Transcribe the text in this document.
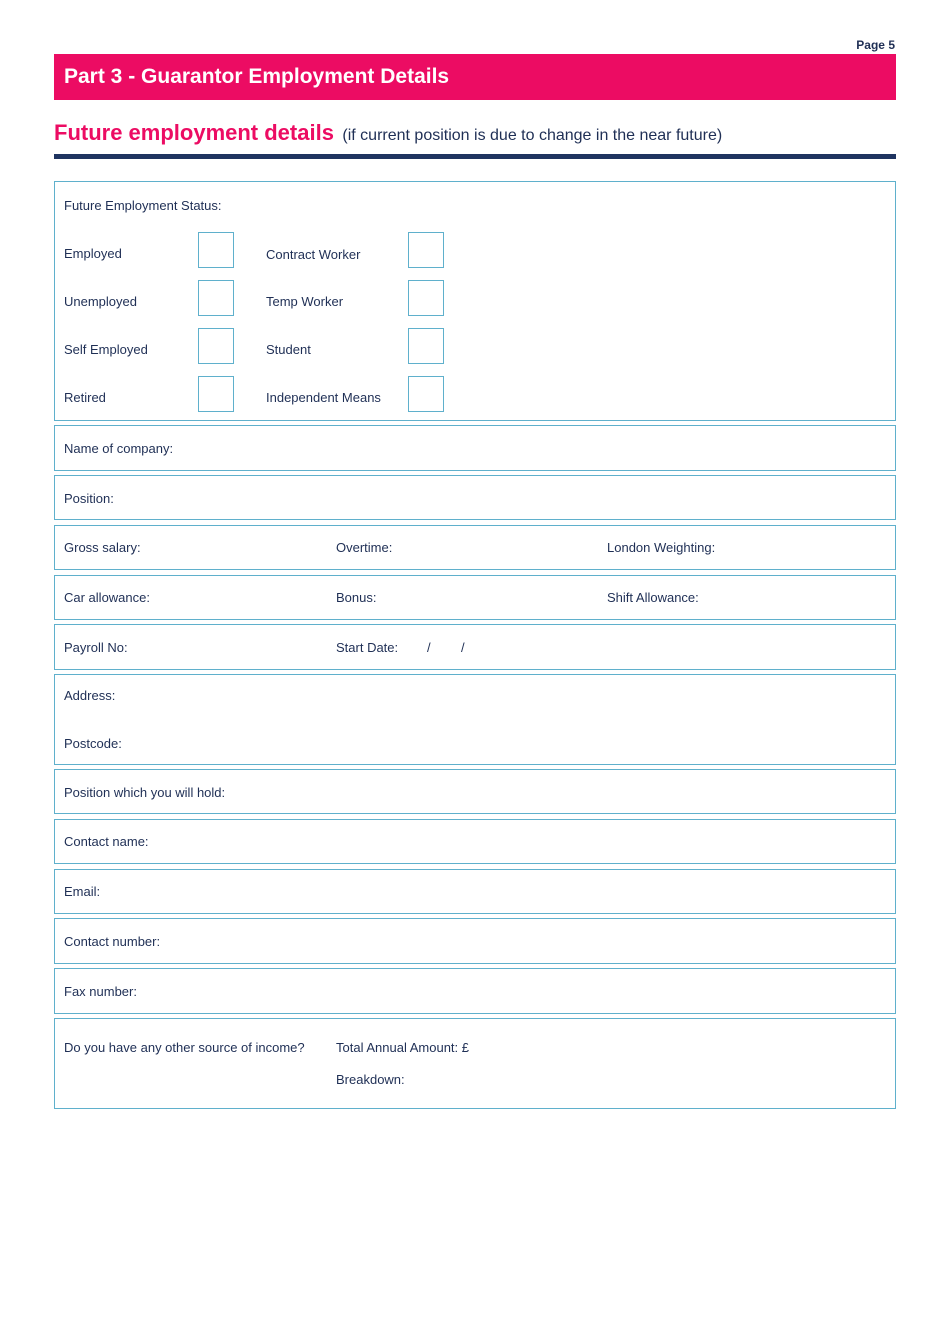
Page 5
Part 3 - Guarantor Employment Details
Future employment details (if current position is due to change in the near future)
Future Employment Status:
Employed	Contract Worker
Unemployed	Temp Worker
Self Employed	Student
Retired	Independent Means
Name of company:
Position:
Gross salary:	Overtime:	London Weighting:
Car allowance:	Bonus:	Shift Allowance:
Payroll No:	Start Date: / /
Address:
Postcode:
Position which you will hold:
Contact name:
Email:
Contact number:
Fax number:
Do you have any other source of income? Total Annual Amount: £
Breakdown:
